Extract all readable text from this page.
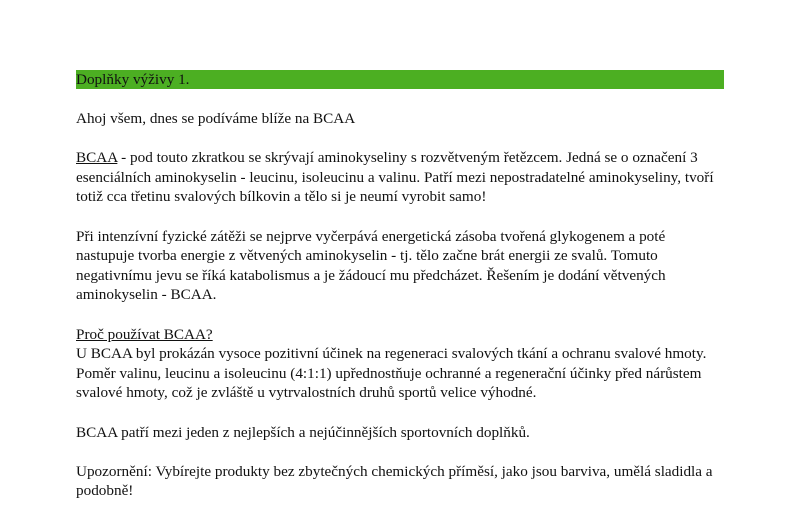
Doplňky výživy 1.

Ahoj všem, dnes se podíváme blíže na BCAA

BCAA - pod touto zkratkou se skrývají aminokyseliny s rozvětveným řetězcem. Jedná se o označení 3 esenciálních aminokyselin - leucinu, isoleucinu a valinu. Patří mezi nepostradatelné aminokyseliny, tvoří totiž cca třetinu svalových bílkovin a tělo si je neumí vyrobit samo!

Při intenzívní fyzické zátěži se nejprve vyčerpává energetická zásoba tvořená glykogenem a poté nastupuje tvorba energie z větvených aminokyselin - tj. tělo začne brát energii ze svalů. Tomuto negativnímu jevu se říká katabolismus a je žádoucí mu předcházet. Řešením je dodání větvených aminokyselin - BCAA.

Proč používat BCAA?
U BCAA byl prokázán vysoce pozitivní účinek na regeneraci svalových tkání a ochranu svalové hmoty. Poměr valinu, leucinu a isoleucinu (4:1:1) upřednostňuje ochranné a regenerační účinky před nárůstem svalové hmoty, což je zvláště u vytrvalostních druhů sportů velice výhodné.

BCAA patří mezi jeden z nejlepších a nejúčinnějších sportovních doplňků.

Upozornění: Vybírejte produkty bez zbytečných chemických příměsí, jako jsou barviva, umělá sladidla a podobně!
